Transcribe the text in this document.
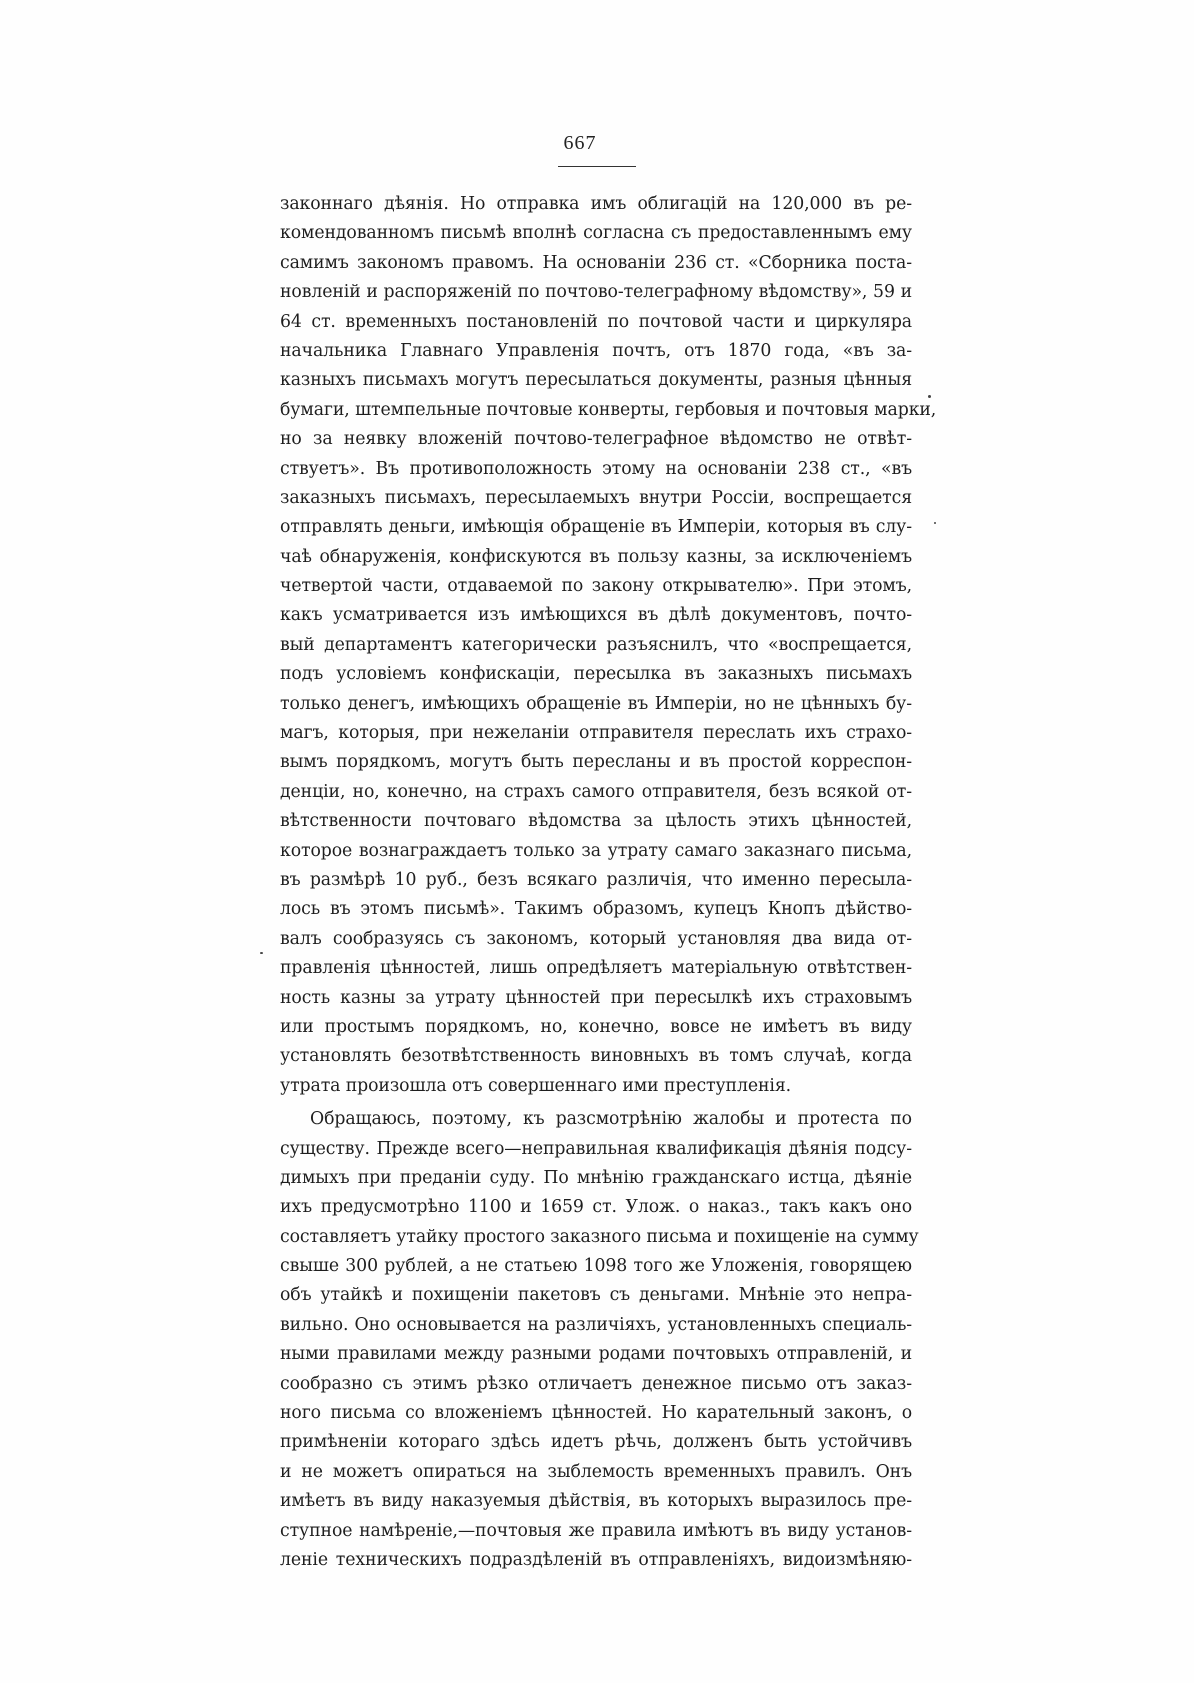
667
законнаго дѣянія. Но отправка имъ облигацій на 120,000 въ ре-
комендованномъ письмѣ вполнѣ согласна съ предоставленнымъ ему
самимъ закономъ правомъ. На основаніи 236 ст. «Сборника поста-
новленій и распоряженій по почтово-телеграфному вѣдомству», 59 и
64 ст. временныхъ постановленій по почтовой части и циркуляра
начальника Главнаго Управленія почтъ, отъ 1870 года, «въ за-
казныхъ письмахъ могутъ пересылаться документы, разныя цѣнныя
бумаги, штемпельные почтовые конверты, гербовыя и почтовыя марки,
но за неявку вложеній почтово-телеграфное вѣдомство не отвѣт-
ствуетъ». Въ противоположность этому на основаніи 238 ст., «въ
заказныхъ письмахъ, пересылаемыхъ внутри Россіи, воспрещается
отправлять деньги, имѣющія обращеніе въ Имперіи, которыя въ слу-
чаѣ обнаруженія, конфискуются въ пользу казны, за исключеніемъ
четвертой части, отдаваемой по закону открывателю». При этомъ,
какъ усматривается изъ имѣющихся въ дѣлѣ документовъ, почто-
вый департаментъ категорически разъяснилъ, что «воспрещается,
подъ условіемъ конфискаціи, пересылка въ заказныхъ письмахъ
только денегъ, имѣющихъ обращеніе въ Имперіи, но не цѣнныхъ бу-
магъ, которыя, при нежеланіи отправителя переслать ихъ страхо-
вымъ порядкомъ, могутъ быть пересланы и въ простой корреспон-
денціи, но, конечно, на страхъ самого отправителя, безъ всякой от-
вѣтственности почтоваго вѣдомства за цѣлость этихъ цѣнностей,
которое вознаграждаетъ только за утрату самаго заказнаго письма,
въ размѣрѣ 10 руб., безъ всякаго различія, что именно пересыла-
лось въ этомъ письмѣ». Такимъ образомъ, купецъ Кнопъ дѣйство-
валъ сообразуясь съ закономъ, который установляя два вида от-
правленія цѣнностей, лишь опредѣляетъ матеріальную отвѣтствен-
ность казны за утрату цѣнностей при пересылкѣ ихъ страховымъ
или простымъ порядкомъ, но, конечно, вовсе не имѣетъ въ виду
установлять безотвѣтственность виновныхъ въ томъ случаѣ, когда
утрата произошла отъ совершеннаго ими преступленія.
Обращаюсь, поэтому, къ разсмотрѣнію жалобы и протеста по
существу. Прежде всего—неправильная квалификація дѣянія подсу-
димыхъ при преданіи суду. По мнѣнію гражданскаго истца, дѣяніе
ихъ предусмотрѣно 1100 и 1659 ст. Улож. о наказ., такъ какъ оно
составляетъ утайку простого заказного письма и похищеніе на сумму
свыше 300 рублей, а не статьею 1098 того же Уложенія, говорящею
объ утайкѣ и похищеніи пакетовъ съ деньгами. Мнѣніе это непра-
вильно. Оно основывается на различіяхъ, установленныхъ специаль-
ными правилами между разными родами почтовыхъ отправленій, и
сообразно съ этимъ рѣзко отличаетъ денежное письмо отъ заказ-
ного письма со вложеніемъ цѣнностей. Но карательный законъ, о
примѣненіи котораго здѣсь идетъ рѣчь, долженъ быть устойчивъ
и не можетъ опираться на зыблемость временныхъ правилъ. Онъ
имѣетъ въ виду наказуемыя дѣйствія, въ которыхъ выразилось пре-
ступное намѣреніе,—почтовыя же правила имѣютъ въ виду установ-
леніе техническихъ подраздѣленій въ отправленіяхъ, видоизмѣняю-
